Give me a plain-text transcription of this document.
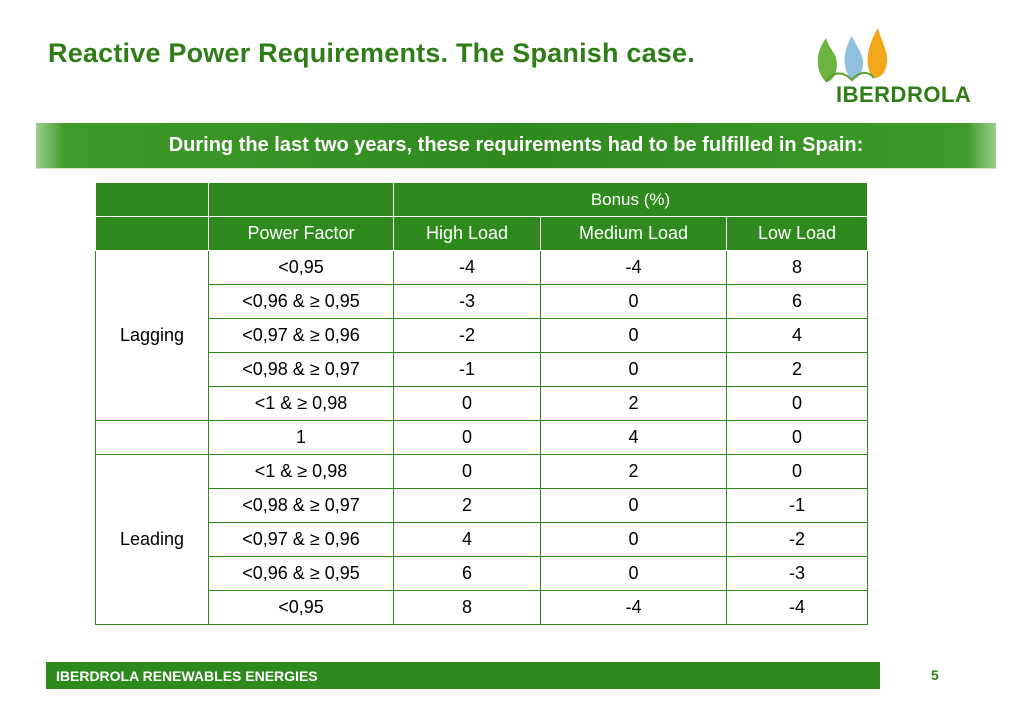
Reactive Power Requirements. The Spanish case.
IBERDROLA
During the last two years, these requirements had to be fulfilled in Spain:
		Bonus (%)		
	Power Factor	High Load	Medium Load	Low Load
Lagging	<0,95	-4	-4	8
	<0,96 & ≥ 0,95	-3	0	6
	<0,97 & ≥ 0,96	-2	0	4
	<0,98 & ≥ 0,97	-1	0	2
	<1 & ≥ 0,98	0	2	0
	1	0	4	0
Leading	<1 & ≥ 0,98	0	2	0
	<0,98 & ≥ 0,97	2	0	-1
	<0,97 & ≥ 0,96	4	0	-2
	<0,96 & ≥ 0,95	6	0	-3
	<0,95	8	-4	-4
IBERDROLA RENEWABLES ENERGIES	5
